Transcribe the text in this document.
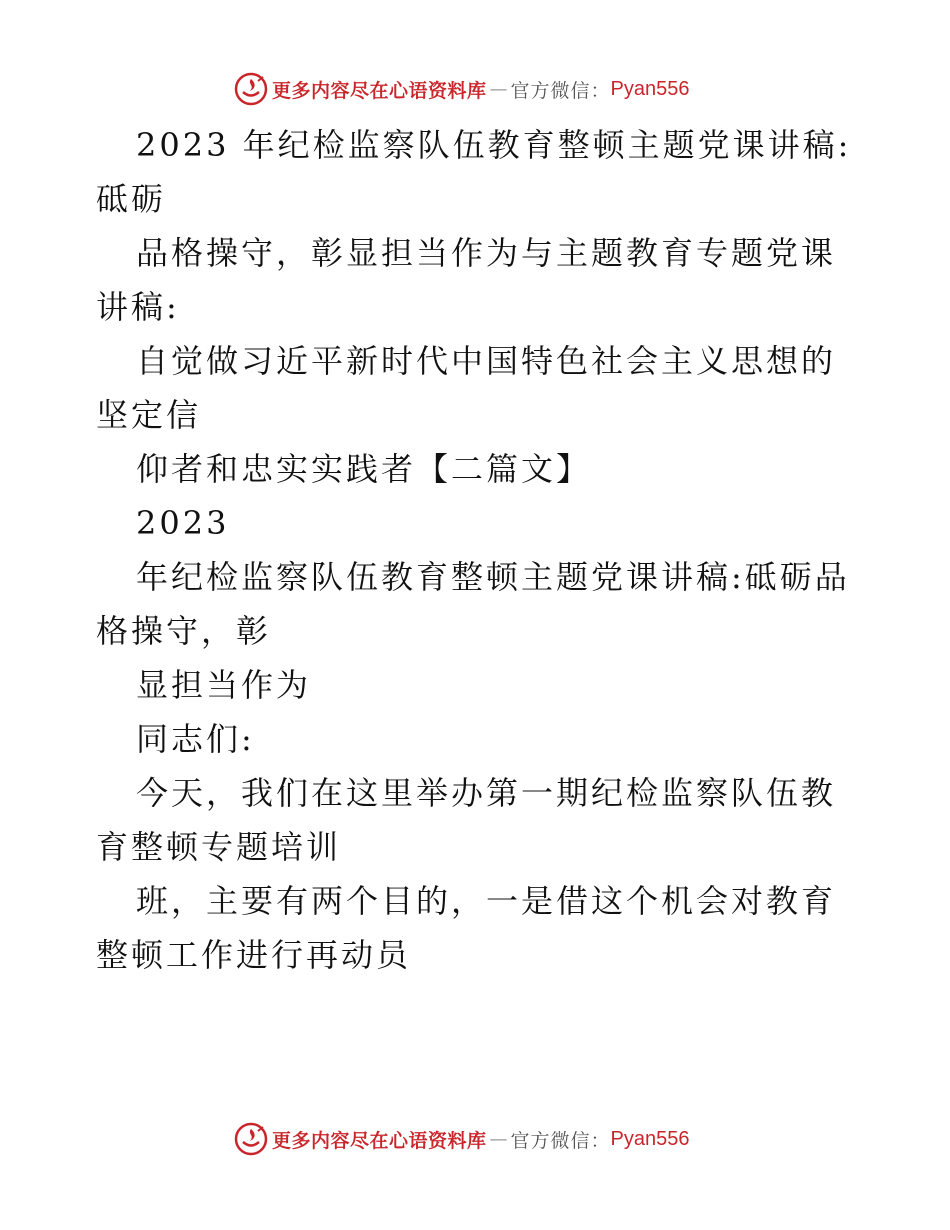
更多内容尽在心语资料库 — 官方微信： Pyan556

2023 年纪检监察队伍教育整顿主题党课讲稿:砥砺

品格操守，彰显担当作为与主题教育专题党课讲稿:

自觉做习近平新时代中国特色社会主义思想的坚定信

仰者和忠实实践者【二篇文】

2023

年纪检监察队伍教育整顿主题党课讲稿:砥砺品格操守，彰

显担当作为

同志们:

今天，我们在这里举办第一期纪检监察队伍教育整顿专题培训

班，主要有两个目的，一是借这个机会对教育整顿工作进行再动员

更多内容尽在心语资料库 — 官方微信： Pyan556
